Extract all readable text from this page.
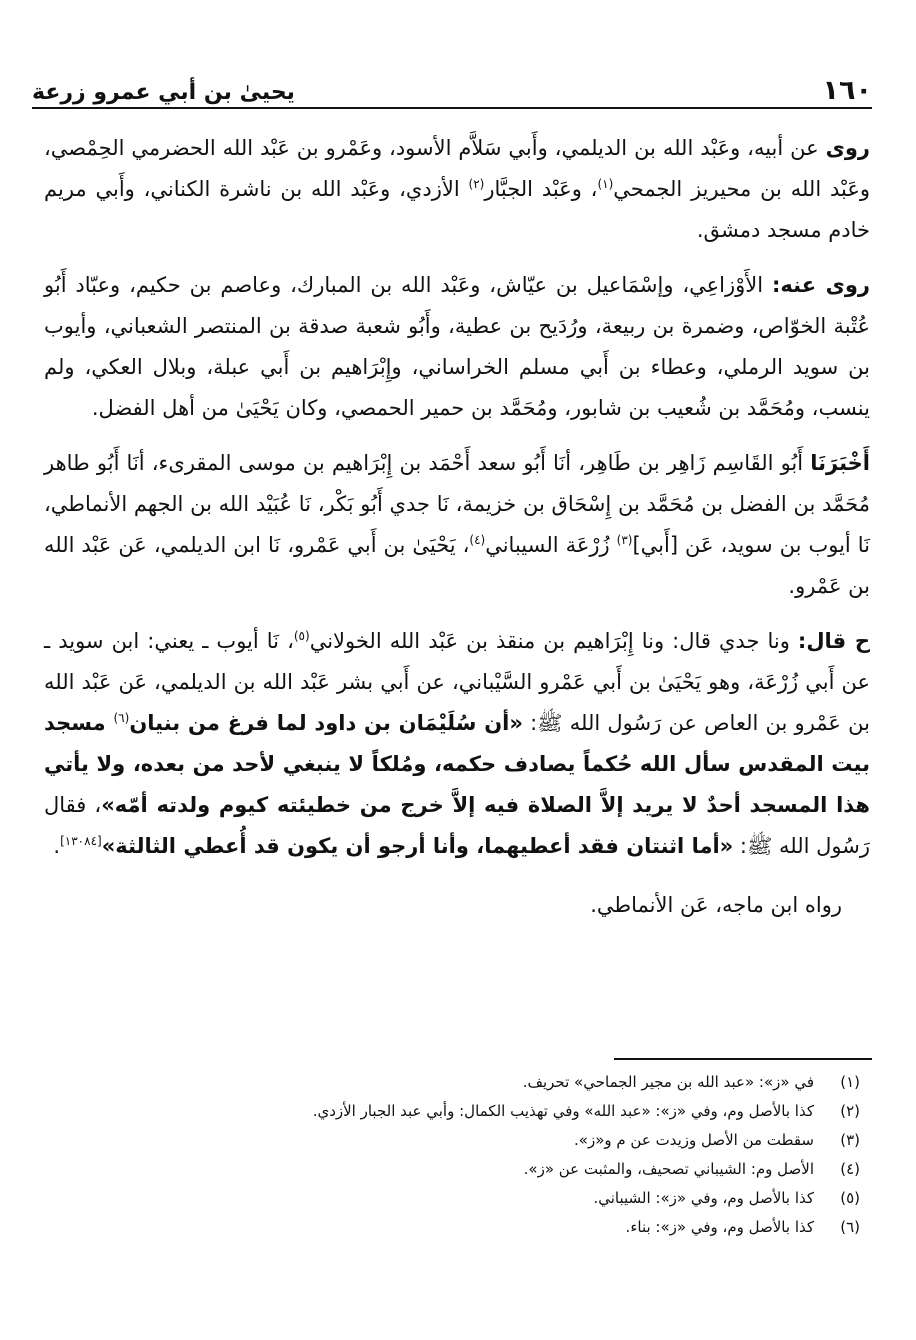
١٦٠
يحيىٰ بن أبي عمرو زرعة

روى عن أبيه، وعَبْد الله بن الديلمي، وأَبي سَلاَّم الأسود، وعَمْرو بن عَبْد الله الحضرمي الحِمْصي، وعَبْد الله بن محيريز الجمحي$^{(١)}$، وعَبْد الجبَّار$^{(٢)}$ الأزدي، وعَبْد الله بن ناشرة الكناني، وأَبي مريم خادم مسجد دمشق.

روى عنه: الأَوْزاعِي، وإسْمَاعيل بن عيّاش، وعَبْد الله بن المبارك، وعاصم بن حكيم، وعبّاد أَبُو عُتْبة الخوّاص، وضمرة بن ربيعة، ورُدَيح بن عطية، وأَبُو شعبة صدقة بن المنتصر الشعباني، وأيوب بن سويد الرملي، وعطاء بن أَبي مسلم الخراساني، وإِبْرَاهيم بن أَبي عبلة، وبلال العكي، ولم ينسب، ومُحَمَّد بن شُعيب بن شابور، ومُحَمَّد بن حمير الحمصي، وكان يَحْيَىٰ من أهل الفضل.

أَخْبَرَنَا أَبُو القَاسِم زَاهِر بن طَاهِر، أنَا أَبُو سعد أَحْمَد بن إِبْرَاهيم بن موسى المقرىء، أنَا أَبُو طاهر مُحَمَّد بن الفضل بن مُحَمَّد بن إِسْحَاق بن خزيمة، نَا جدي أَبُو بَكْر، نَا عُبَيْد الله بن الجهم الأنماطي، نَا أيوب بن سويد، عَن [أَبي]$^{(٣)}$ زُرْعَة السيباني$^{(٤)}$، يَحْيَىٰ بن أَبي عَمْرو، نَا ابن الديلمي، عَن عَبْد الله بن عَمْرو.

ح قال: ونا جدي قال: ونا إِبْرَاهيم بن منقذ بن عَبْد الله الخولاني$^{(٥)}$، نَا أيوب ـ يعني: ابن سويد ـ عن أَبي زُرْعَة، وهو يَحْيَىٰ بن أَبي عَمْرو السَّيْباني، عن أَبي بشر عَبْد الله بن الديلمي، عَن عَبْد الله بن عَمْرو بن العاص عن رَسُول الله ﷺ: «أن سُلَيْمَان بن داود لما فرغ من بنيان$^{(٦)}$ مسجد بيت المقدس سأل الله حُكماً يصادف حكمه، ومُلكاً لا ينبغي لأحد من بعده، ولا يأتي هذا المسجد أحدٌ لا يريد إلاَّ الصلاة فيه إلاَّ خرج من خطيئته كيوم ولدته أمّه»، فقال رَسُول الله ﷺ: «أما اثنتان فقد أعطيهما، وأنا أرجو أن يكون قد أُعطي الثالثة»[١٣٠٨٤].

رواه ابن ماجه، عَن الأنماطي.

(١)
في «ز»: «عبد الله بن مجير الجماحي» تحريف.
(٢)
كذا بالأصل وم، وفي «ز»: «عبد الله» وفي تهذيب الكمال: وأبي عبد الجبار الأزدي.
(٣)
سقطت من الأصل وزيدت عن م و«ز».
(٤)
الأصل وم: الشيباني تصحيف، والمثبت عن «ز».
(٥)
كذا بالأصل وم، وفي «ز»: الشيباني.
(٦)
كذا بالأصل وم، وفي «ز»: بناء.
